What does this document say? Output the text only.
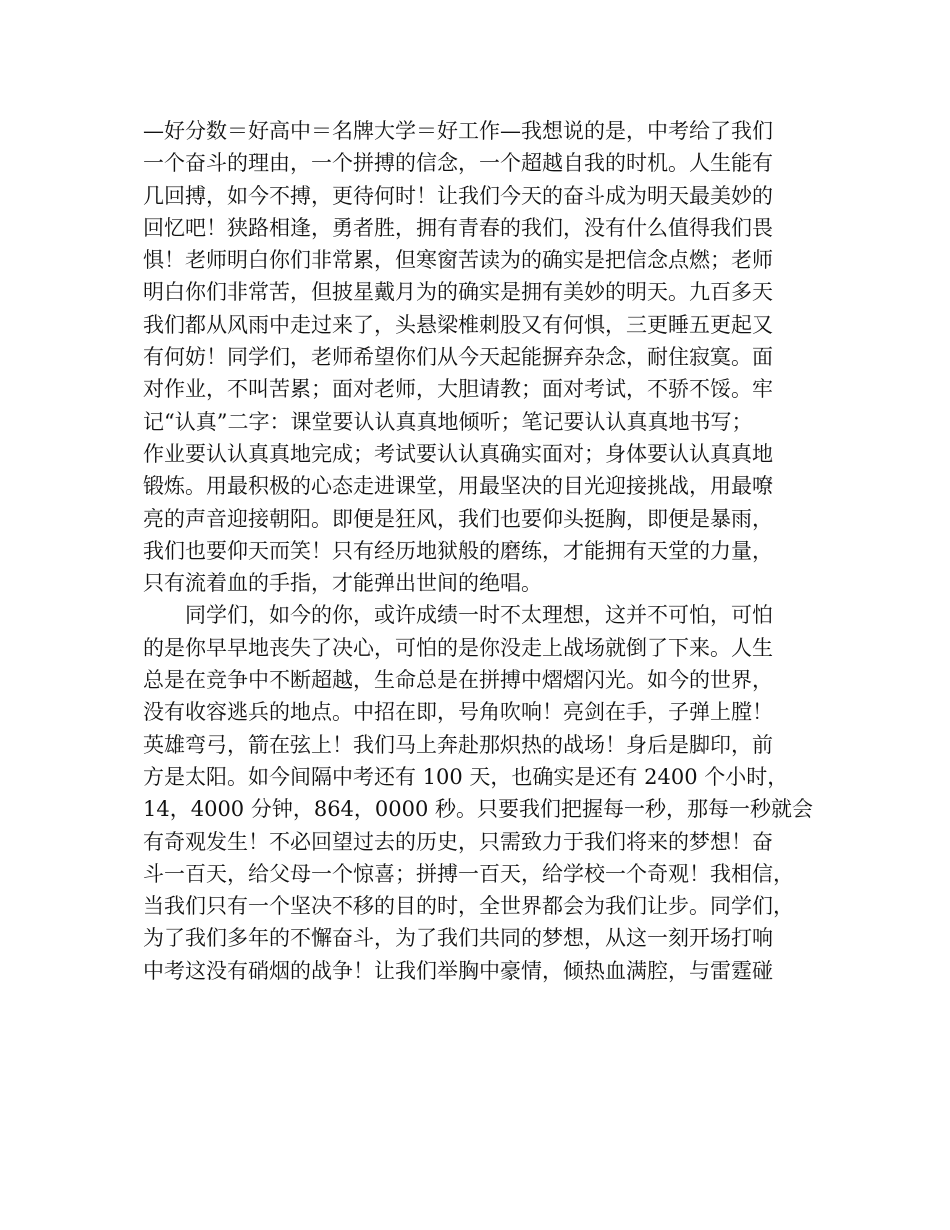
—好分数＝好高中＝名牌大学＝好工作—我想说的是，中考给了我们
一个奋斗的理由，一个拼搏的信念，一个超越自我的时机。人生能有
几回搏，如今不搏，更待何时！让我们今天的奋斗成为明天最美妙的
回忆吧！狭路相逢，勇者胜，拥有青春的我们，没有什么值得我们畏
惧！老师明白你们非常累，但寒窗苦读为的确实是把信念点燃；老师
明白你们非常苦，但披星戴月为的确实是拥有美妙的明天。九百多天
我们都从风雨中走过来了，头悬梁椎刺股又有何惧，三更睡五更起又
有何妨！同学们，老师希望你们从今天起能摒弃杂念，耐住寂寞。面
对作业，不叫苦累；面对老师，大胆请教；面对考试，不骄不馁。牢
记“认真”二字：课堂要认认真真地倾听；笔记要认认真真地书写；
作业要认认真真地完成；考试要认认真确实面对；身体要认认真真地
锻炼。用最积极的心态走进课堂，用最坚决的目光迎接挑战，用最嘹
亮的声音迎接朝阳。即便是狂风，我们也要仰头挺胸，即便是暴雨，
我们也要仰天而笑！只有经历地狱般的磨练，才能拥有天堂的力量，
只有流着血的手指，才能弹出世间的绝唱。
同学们，如今的你，或许成绩一时不太理想，这并不可怕，可怕
的是你早早地丧失了决心，可怕的是你没走上战场就倒了下来。人生
总是在竞争中不断超越，生命总是在拼搏中熠熠闪光。如今的世界，
没有收容逃兵的地点。中招在即，号角吹响！亮剑在手，子弹上膛！
英雄弯弓，箭在弦上！我们马上奔赴那炽热的战场！身后是脚印，前
方是太阳。如今间隔中考还有 100 天，也确实是还有 2400 个小时，
14，4000 分钟，864，0000 秒。只要我们把握每一秒，那每一秒就会
有奇观发生！不必回望过去的历史，只需致力于我们将来的梦想！奋
斗一百天，给父母一个惊喜；拼搏一百天，给学校一个奇观！我相信，
当我们只有一个坚决不移的目的时，全世界都会为我们让步。同学们，
为了我们多年的不懈奋斗，为了我们共同的梦想，从这一刻开场打响
中考这没有硝烟的战争！让我们举胸中豪情，倾热血满腔，与雷霆碰
